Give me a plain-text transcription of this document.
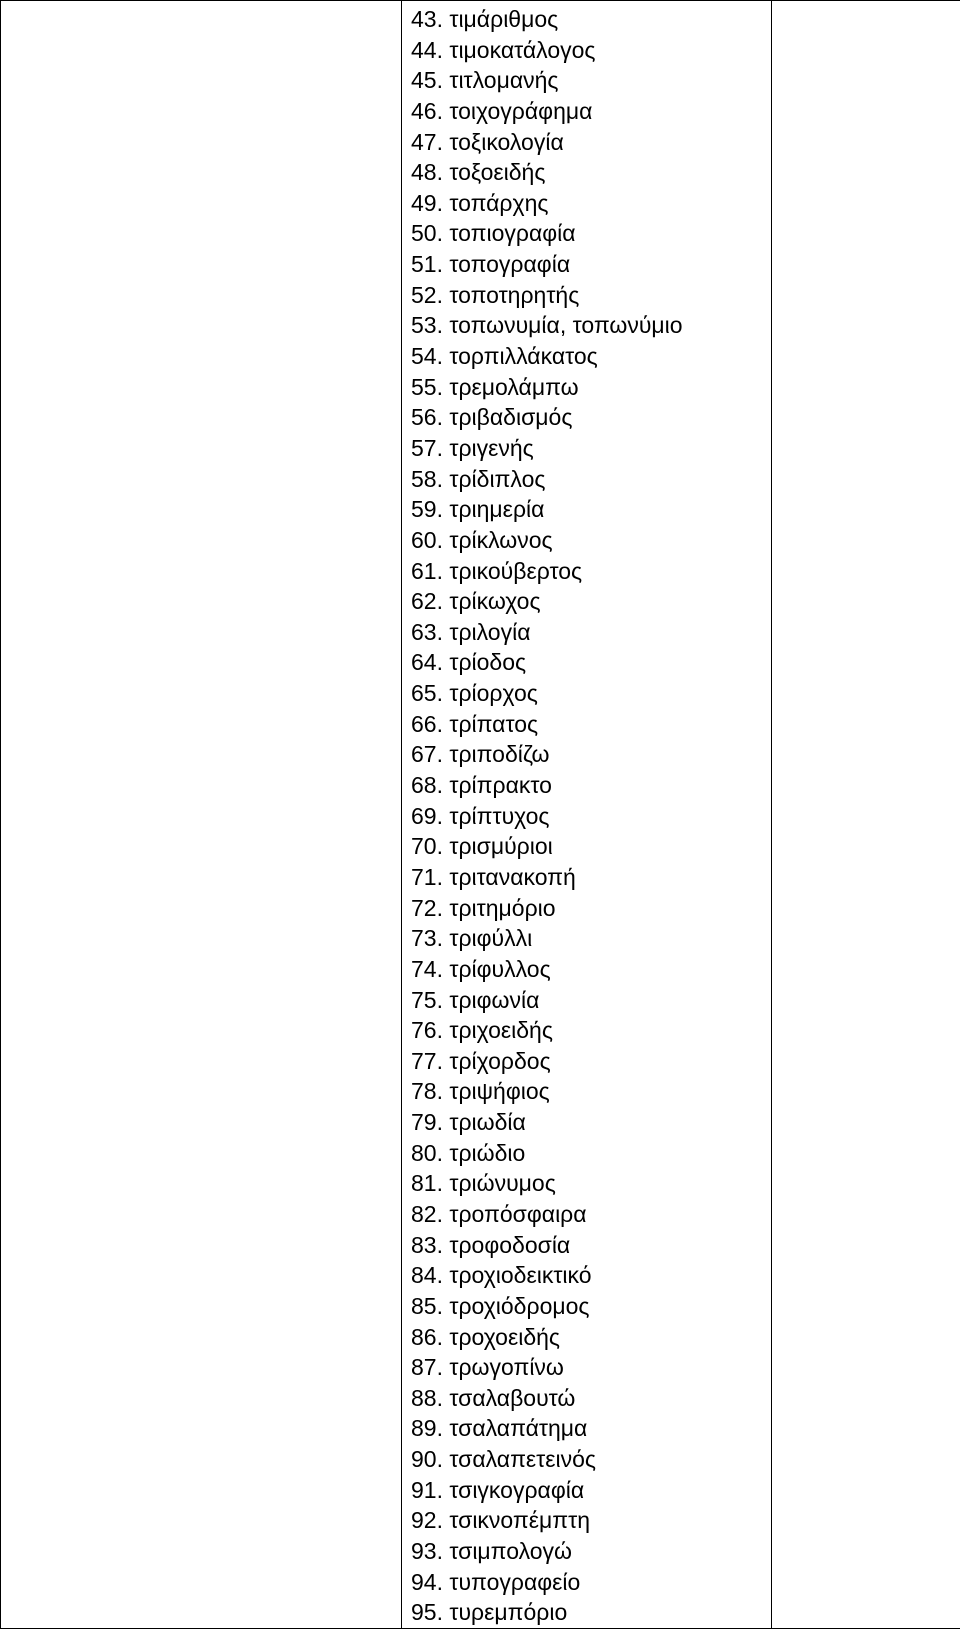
43. τιμάριθμος
44. τιμοκατάλογος
45. τιτλομανής
46. τοιχογράφημα
47. τοξικολογία
48. τοξοειδής
49. τοπάρχης
50. τοπιογραφία
51. τοπογραφία
52. τοποτηρητής
53. τοπωνυμία, τοπωνύμιο
54. τορπιλλάκατος
55. τρεμολάμπω
56. τριβαδισμός
57. τριγενής
58. τρίδιπλος
59. τριημερία
60. τρίκλωνος
61. τρικούβερτος
62. τρίκωχος
63. τριλογία
64. τρίοδος
65. τρίορχος
66. τρίπατος
67. τριποδίζω
68. τρίπρακτο
69. τρίπτυχος
70. τρισμύριοι
71. τριτανακοπή
72. τριτημόριο
73. τριφύλλι
74. τρίφυλλος
75. τριφωνία
76. τριχοειδής
77. τρίχορδος
78. τριψήφιος
79. τριωδία
80. τριώδιο
81. τριώνυμος
82. τροπόσφαιρα
83. τροφοδοσία
84. τροχιοδεικτικό
85. τροχιόδρομος
86. τροχοειδής
87. τρωγοπίνω
88. τσαλαβουτώ
89. τσαλαπάτημα
90. τσαλαπετεινός
91. τσιγκογραφία
92. τσικνοπέμπτη
93. τσιμπολογώ
94. τυπογραφείο
95. τυρεμπόριο
